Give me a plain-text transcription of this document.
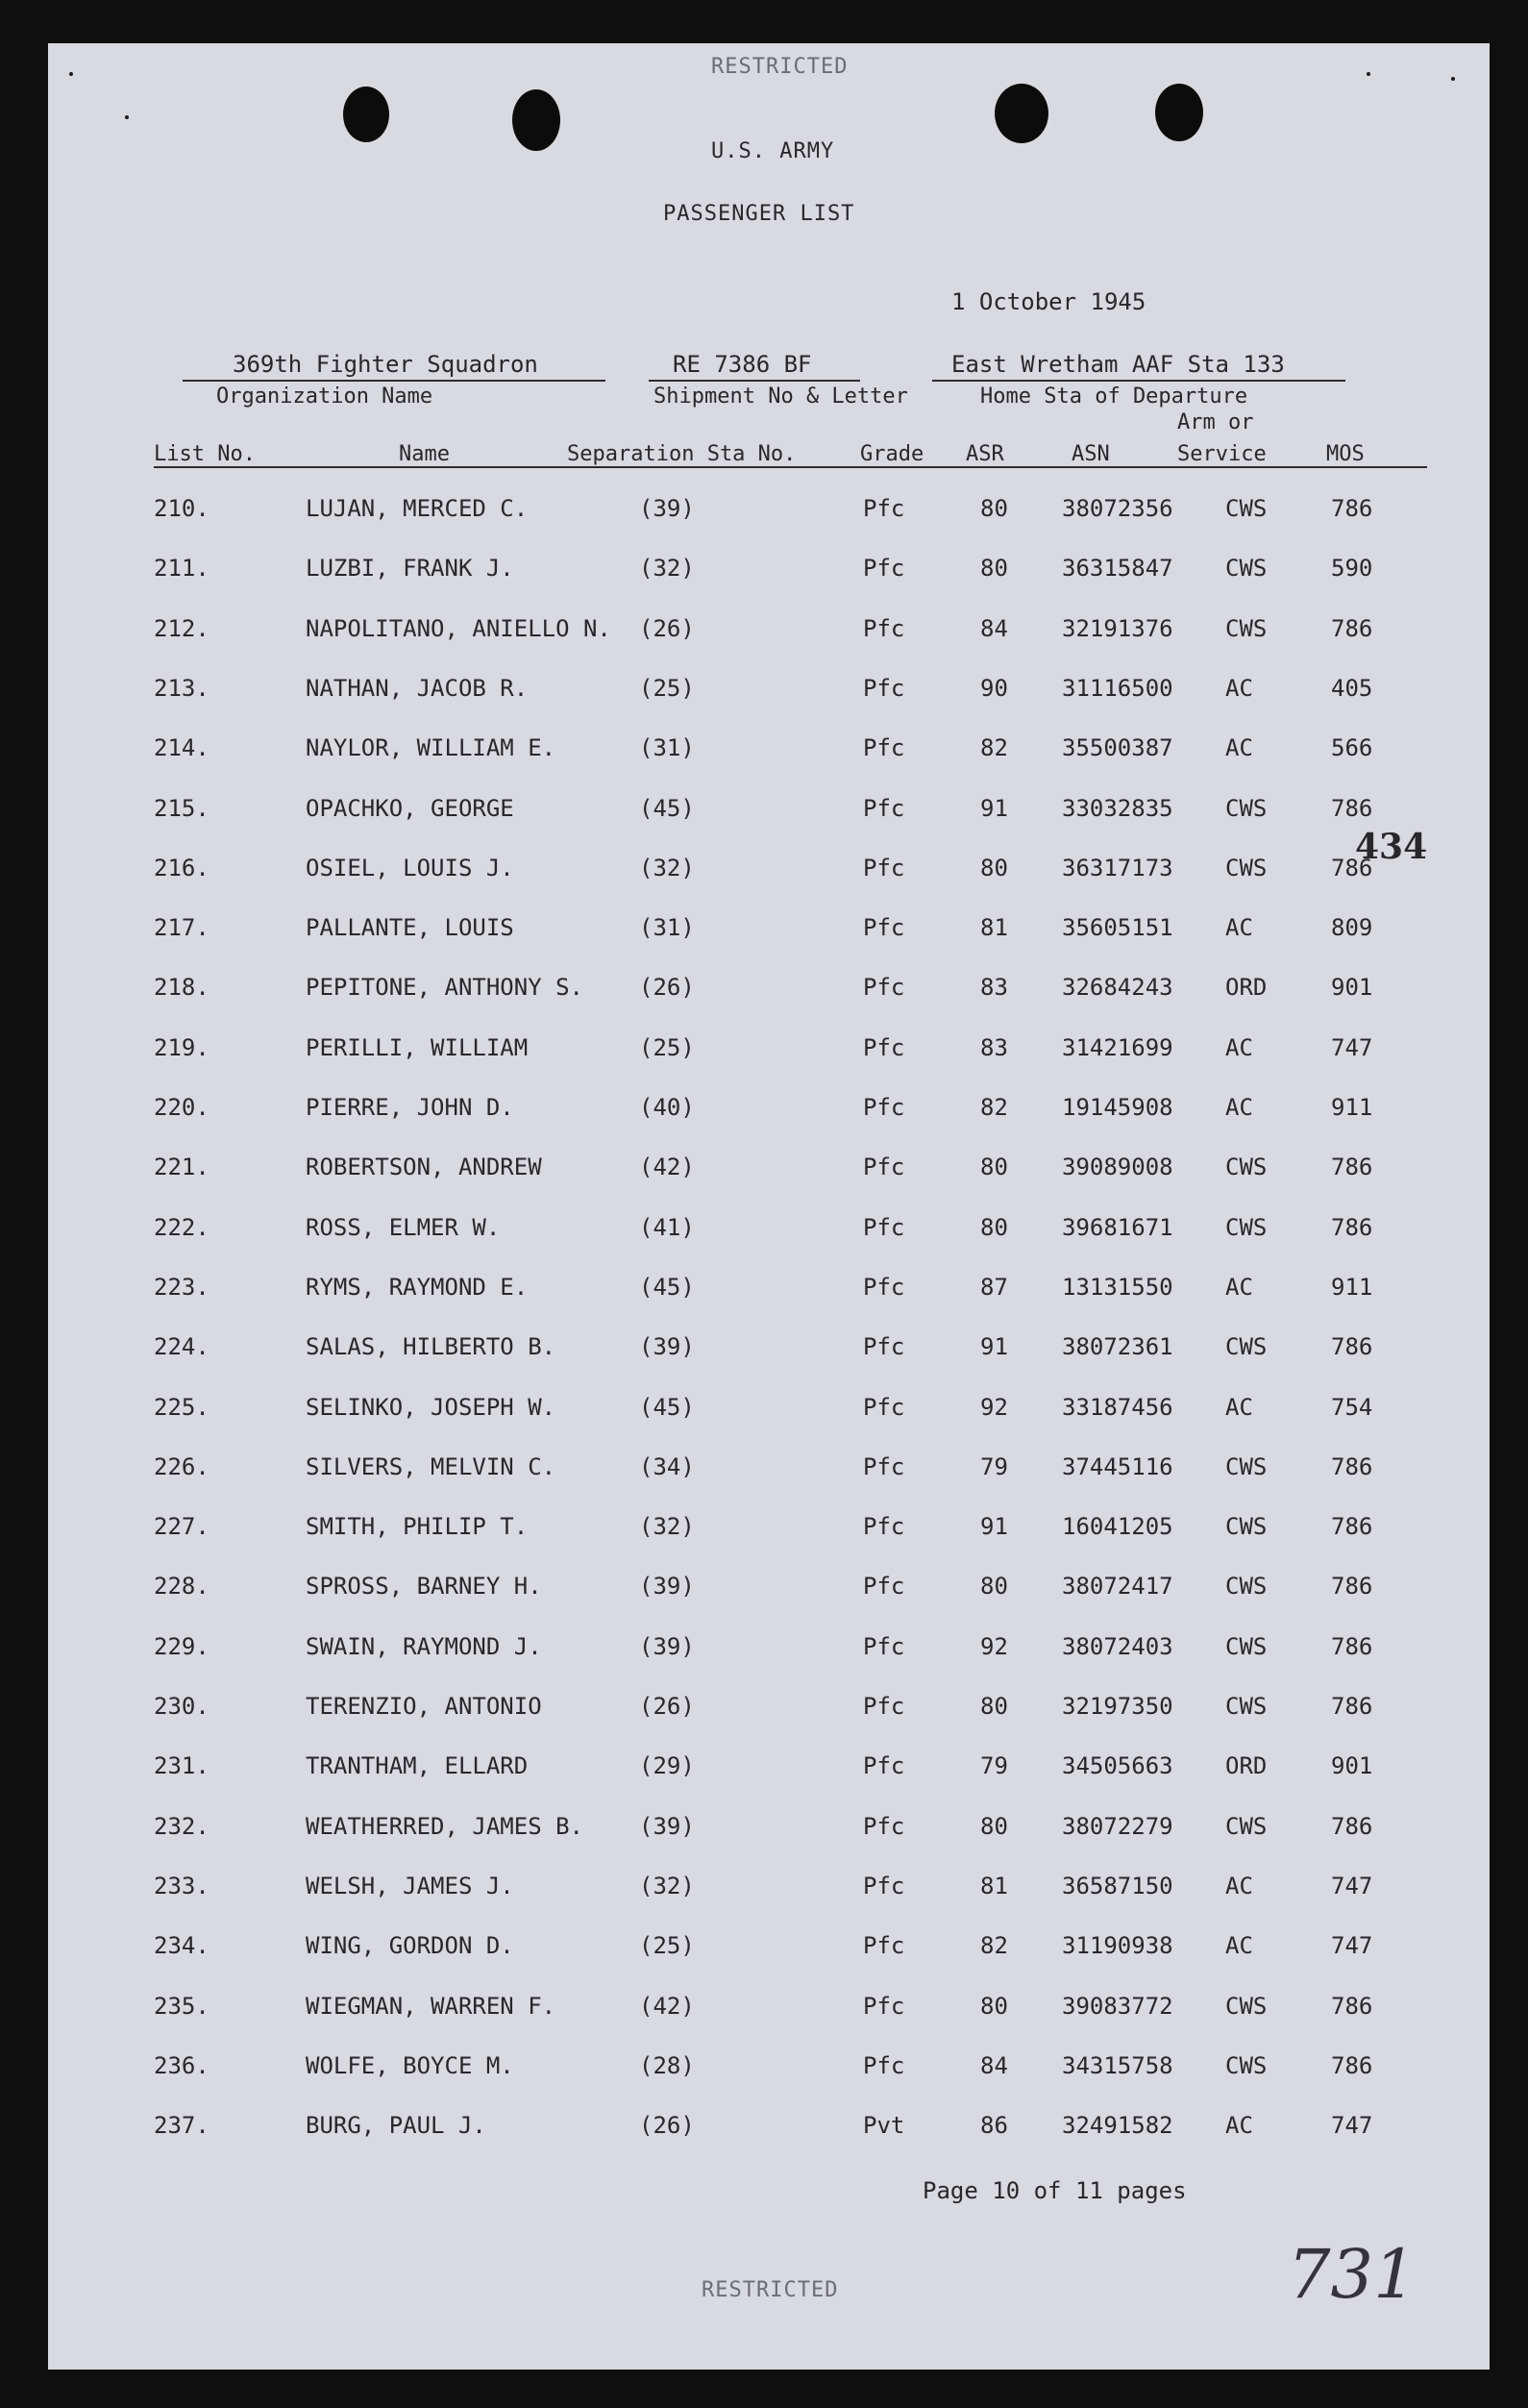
RESTRICTED
U.S. ARMY
PASSENGER LIST
1 October 1945
369th Fighter Squadron	RE 7386 BF	East Wretham AAF Sta 133
Organization Name	Shipment No & Letter	Home Sta of Departure
List No.	Name	Separation Sta No.	Grade ASR	ASN
Arm or
Service	MOS
210.	LUJAN, MERCED C.	(39)	Pfc	80 38072356 CWS	786
211.	LUZBI, FRANK J.	(32)	Pfc	80 36315847 CWS	590
212.	NAPOLITANO, ANIELLO N. (26)	Pfc	84 32191376 CWS	786
213.	NATHAN, JACOB R.	(25)	Pfc	90 31116500 AC	405
214.	NAYLOR, WILLIAM E.	(31)	Pfc	82 35500387 AC	566
215.	OPACHKO, GEORGE	(45)	Pfc	91 33032835 CWS	786
216.	OSIEL, LOUIS J.	(32)	Pfc	80 36317173 CWS	786
217.	PALLANTE, LOUIS	(31)	Pfc	81 35605151 AC	809
218.	PEPITONE, ANTHONY S. (26)	Pfc	83 32684243 ORD	901
219.	PERILLI, WILLIAM	(25)	Pfc	83 31421699 AC	747
220.	PIERRE, JOHN D.	(40)	Pfc	82 19145908 AC	911
221.	ROBERTSON, ANDREW	(42)	Pfc	80 39089008 CWS	786
222.	ROSS, ELMER W.	(41)	Pfc	80 39681671 CWS	786
223.	RYMS, RAYMOND E.	(45)	Pfc	87 13131550 AC	911
224.	SALAS, HILBERTO B.	(39)	Pfc	91 38072361 CWS	786
225.	SELINKO, JOSEPH W.	(45)	Pfc	92 33187456 AC	754
226.	SILVERS, MELVIN C.	(34)	Pfc	79 37445116 CWS	786
227.	SMITH, PHILIP T.	(32)	Pfc	91 16041205 CWS	786
228.	SPROSS, BARNEY H.	(39)	Pfc	80 38072417 CWS	786
229.	SWAIN, RAYMOND J.	(39)	Pfc	92 38072403 CWS	786
230.	TERENZIO, ANTONIO	(26)	Pfc	80 32197350 CWS	786
231.	TRANTHAM, ELLARD	(29)	Pfc	79 34505663 ORD	901
232.	WEATHERRED, JAMES B. (39)	Pfc	80 38072279 CWS	786
233.	WELSH, JAMES J.	(32)	Pfc	81 36587150 AC	747
234.	WING, GORDON D.	(25)	Pfc	82 31190938 AC	747
235.	WIEGMAN, WARREN F.	(42)	Pfc	80 39083772 CWS	786
236.	WOLFE, BOYCE M.	(28)	Pfc	84 34315758 CWS	786
237.	BURG, PAUL J.	(26)	Pvt	86 32491582 AC	747
434
Page 10 of 11 pages
RESTRICTED	731
